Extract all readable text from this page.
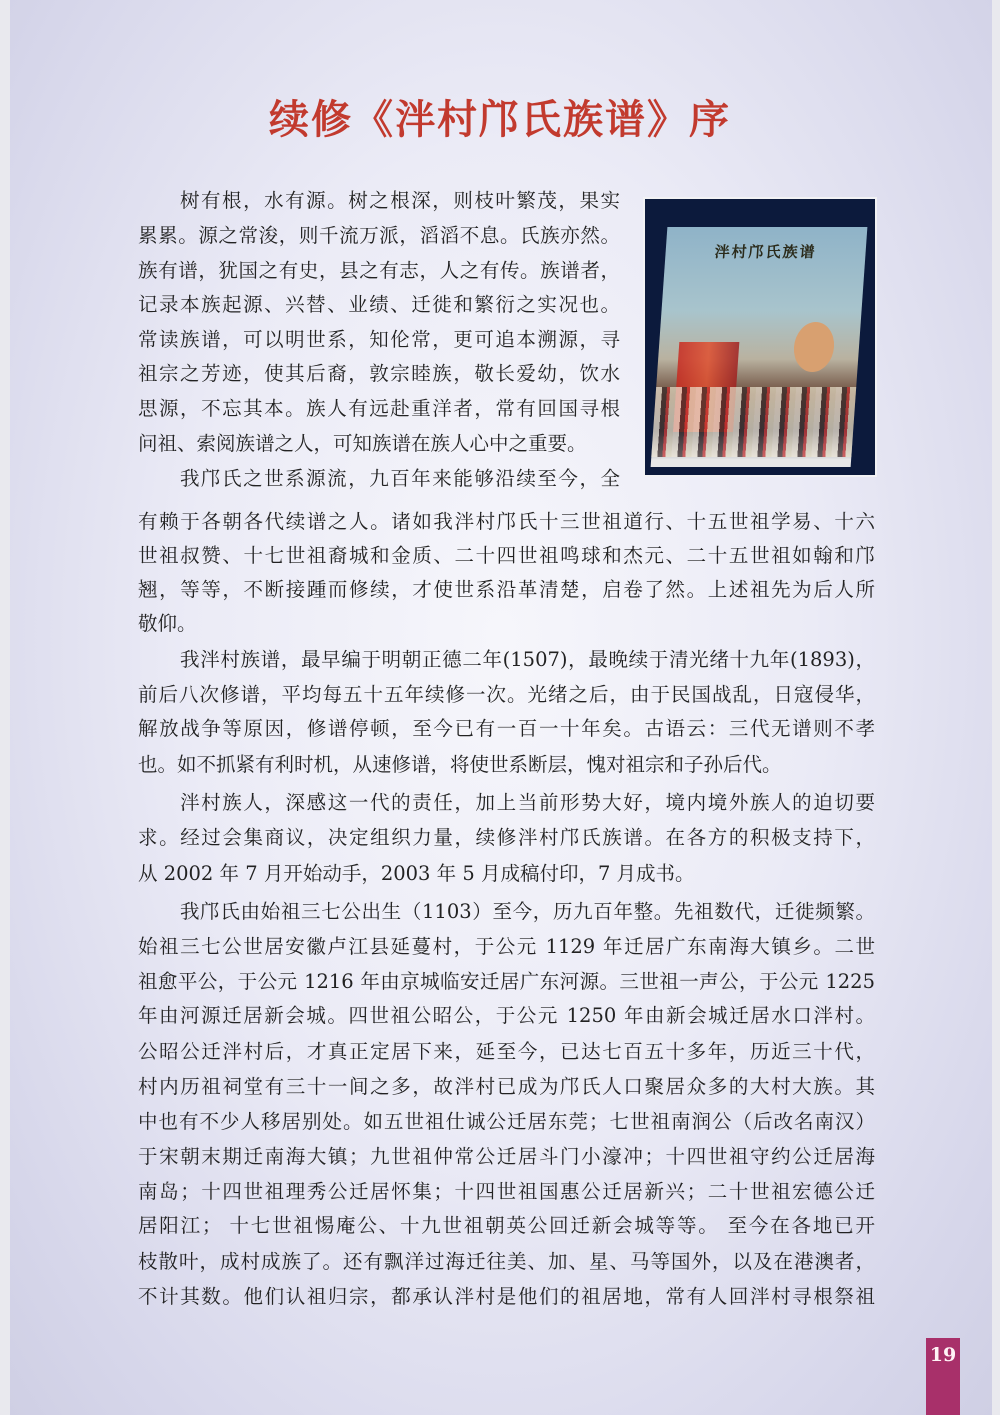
续修《泮村邝氏族谱》序
泮村邝氏族谱
树有根，水有源。树之根深，则枝叶繁茂，果实
累累。源之常浚，则千流万派，滔滔不息。氏族亦然。
族有谱，犹国之有史，县之有志，人之有传。族谱者，
记录本族起源、兴替、业绩、迁徙和繁衍之实况也。
常读族谱，可以明世系，知伦常，更可追本溯源，寻
祖宗之芳迹，使其后裔，敦宗睦族，敬长爱幼，饮水
思源，不忘其本。族人有远赴重洋者，常有回国寻根
问祖、索阅族谱之人，可知族谱在族人心中之重要。
我邝氏之世系源流，九百年来能够沿续至今，全
有赖于各朝各代续谱之人。诸如我泮村邝氏十三世祖道行、十五世祖学易、十六
世祖叔赞、十七世祖裔城和金质、二十四世祖鸣球和杰元、二十五世祖如翰和邝
翘，等等，不断接踵而修续，才使世系沿革清楚，启卷了然。上述祖先为后人所
敬仰。
我泮村族谱，最早编于明朝正德二年(1507)，最晚续于清光绪十九年(1893)，
前后八次修谱，平均每五十五年续修一次。光绪之后，由于民国战乱，日寇侵华，
解放战争等原因，修谱停顿，至今已有一百一十年矣。古语云：三代无谱则不孝
也。如不抓紧有利时机，从速修谱，将使世系断层，愧对祖宗和子孙后代。
泮村族人，深感这一代的责任，加上当前形势大好，境内境外族人的迫切要
求。经过会集商议，决定组织力量，续修泮村邝氏族谱。在各方的积极支持下，
从 2002 年 7 月开始动手，2003 年 5 月成稿付印，7 月成书。
我邝氏由始祖三七公出生（1103）至今，历九百年整。先祖数代，迁徙频繁。
始祖三七公世居安徽卢江县延蔓村，于公元 1129 年迁居广东南海大镇乡。二世
祖愈平公，于公元 1216 年由京城临安迁居广东河源。三世祖一声公，于公元 1225
年由河源迁居新会城。四世祖公昭公，于公元 1250 年由新会城迁居水口泮村。
公昭公迁泮村后，才真正定居下来，延至今，已达七百五十多年，历近三十代，
村内历祖祠堂有三十一间之多，故泮村已成为邝氏人口聚居众多的大村大族。其
中也有不少人移居别处。如五世祖仕诚公迁居东莞；七世祖南润公（后改名南汉）
于宋朝末期迁南海大镇；九世祖仲常公迁居斗门小濠冲；十四世祖守约公迁居海
南岛；十四世祖理秀公迁居怀集；十四世祖国惠公迁居新兴；二十世祖宏德公迁
居阳江； 十七世祖惕庵公、十九世祖朝英公回迁新会城等等。 至今在各地已开
枝散叶，成村成族了。还有飘洋过海迁往美、加、星、马等国外，以及在港澳者，
不计其数。他们认祖归宗，都承认泮村是他们的祖居地，常有人回泮村寻根祭祖
19
